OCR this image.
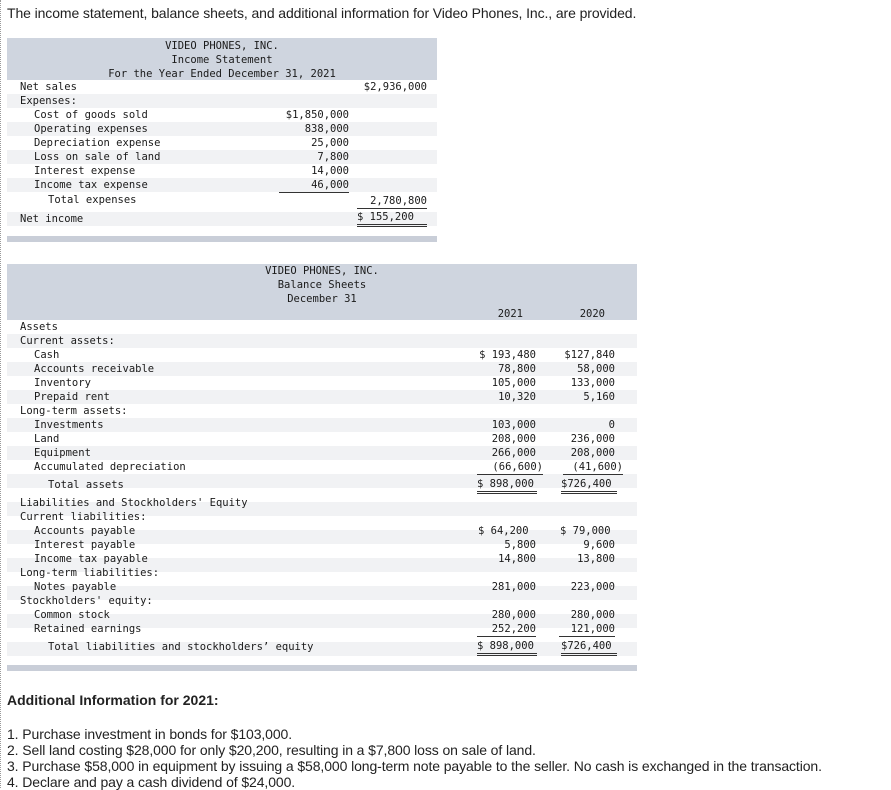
The income statement, balance sheets, and additional information for Video Phones, Inc., are provided.
VIDEO PHONES, INC.
Income Statement
For the Year Ended December 31, 2021
Net sales	$2,936,000
Expenses:
Cost of goods sold	$1,850,000
Operating expenses	838,000
Depreciation expense	25,000
Loss on sale of land	7,800
Interest expense	14,000
Income tax expense	46,000
Total expenses	2,780,800
Net income	$ 155,200
VIDEO PHONES, INC.
Balance Sheets
December 31
2021	2020
Assets
Current assets:
Cash	$ 193,480	$127,840
Accounts receivable	78,800	58,000
Inventory	105,000	133,000
Prepaid rent	10,320	5,160
Long-term assets:
Investments	103,000	0
Land	208,000	236,000
Equipment	266,000	208,000
Accumulated depreciation	(66,600)	(41,600)
Total assets	$ 898,000	$726,400
Liabilities and Stockholders' Equity
Current liabilities:
Accounts payable	$ 64,200	$ 79,000
Interest payable	5,800	9,600
Income tax payable	14,800	13,800
Long-term liabilities:
Notes payable	281,000	223,000
Stockholders' equity:
Common stock	280,000	280,000
Retained earnings	252,200	121,000
Total liabilities and stockholders’ equity	$ 898,000	$726,400
Additional Information for 2021:
1. Purchase investment in bonds for $103,000.
2. Sell land costing $28,000 for only $20,200, resulting in a $7,800 loss on sale of land.
3. Purchase $58,000 in equipment by issuing a $58,000 long-term note payable to the seller. No cash is exchanged in the transaction.
4. Declare and pay a cash dividend of $24,000.
